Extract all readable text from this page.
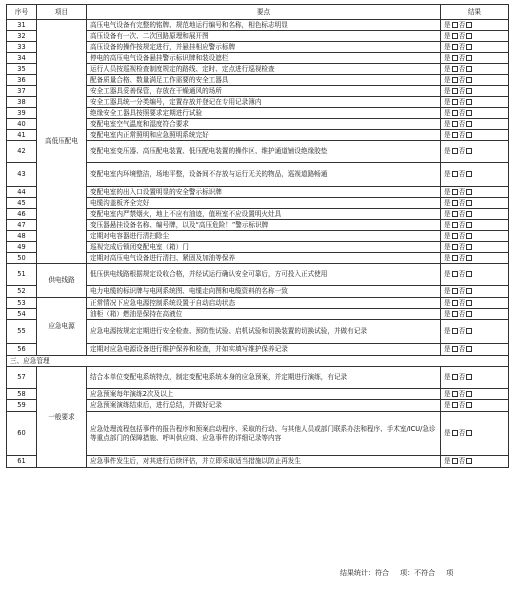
序号	项目	要点	结果
31	高低压配电	高压电气设备有完整的铭牌、规范地运行编号和名称，相色标志明显	是 否
32		高压设备有一次、二次回路原理和展开图	是 否
33		高压设备的操作按规定进行，并悬挂相应警示标牌	是 否
34		停电的高压电气设备悬挂警示标识牌和装设遮栏	是 否
35		运行人员按巡视检查制度规定的路线、定时、定点进行巡视检查	是 否
36		配备质量合格、数量满足工作需要的安全工器具	是 否
37		安全工器具妥善保管，存放在干燥通风的场所	是 否
38		安全工器具统一分类编号，定置存放并登记在专用记录簿内	是 否
39		绝缘安全工器具按照要求定期进行试验	是 否
40		变配电室空气温度和湿度符合要求	是 否
41		变配电室内正常照明和应急照明系统完好	是 否
42		变配电室变压器、高压配电装置、低压配电装置的操作区、维护通道铺设绝缘胶垫	是 否
43		变配电室内环境整洁，场地平整，设备间不存放与运行无关的物品，巡视道路畅通	是 否
44		变配电室的出入口设置明显的安全警示标识牌	是 否
45		电缆沟盖板齐全完好	是 否
46		变配电室内严禁烟火，地上不应有油迹，值班室不应设置明火灶具	是 否
47		变压器悬挂设备名称、编号牌，以及“高压危险！”警示标识牌	是 否
48		定期对电容器进行清扫除尘	是 否
49		巡视完成后锁闭变配电室（箱）门	是 否
50		定期对高压电气设备进行清扫、紧固及加油等保养	是 否
51	供电线路	低压供电线路根据规定设收合格，并经试运行确认安全可靠后，方可投入正式使用	是 否
52		电力电缆的标识牌与电网系统图、电缆走向图和电缆资料的名称一致	是 否
53	应急电源	正常情况下应急电源控制系统设置于自动启动状态	是 否
54		油柜（箱）燃油是保持在高液位	是 否
55		应急电源按规定定期进行安全检查、预防性试验、启机试验和切换装置的切换试验，并做有记录	是 否
56		定期对应急电源设备进行维护保养和检查，并如实填写维护保养记录	是 否
三、应急管理			
57	一般要求	结合本单位变配电系统特点，制定变配电系统本身的应急预案，并定期进行演练，有记录	是 否
58		应急预案每年演练2次及以上	是 否
59		应急预案演练结束后，进行总结，并做好记录	是 否
60		应急处理流程包括事件的报告程序和预案启动程序、采取的行动、与其他人员或部门联系办法和程序、手术室/ICU/急诊等重点部门的保障措施、呼叫供应商、应急事件的详细记录等内容	是 否
61		应急事件发生后，对其进行后续评估，并立即采取适当措施以防止再发生	是 否
结果统计：符合 项：不符合 项
